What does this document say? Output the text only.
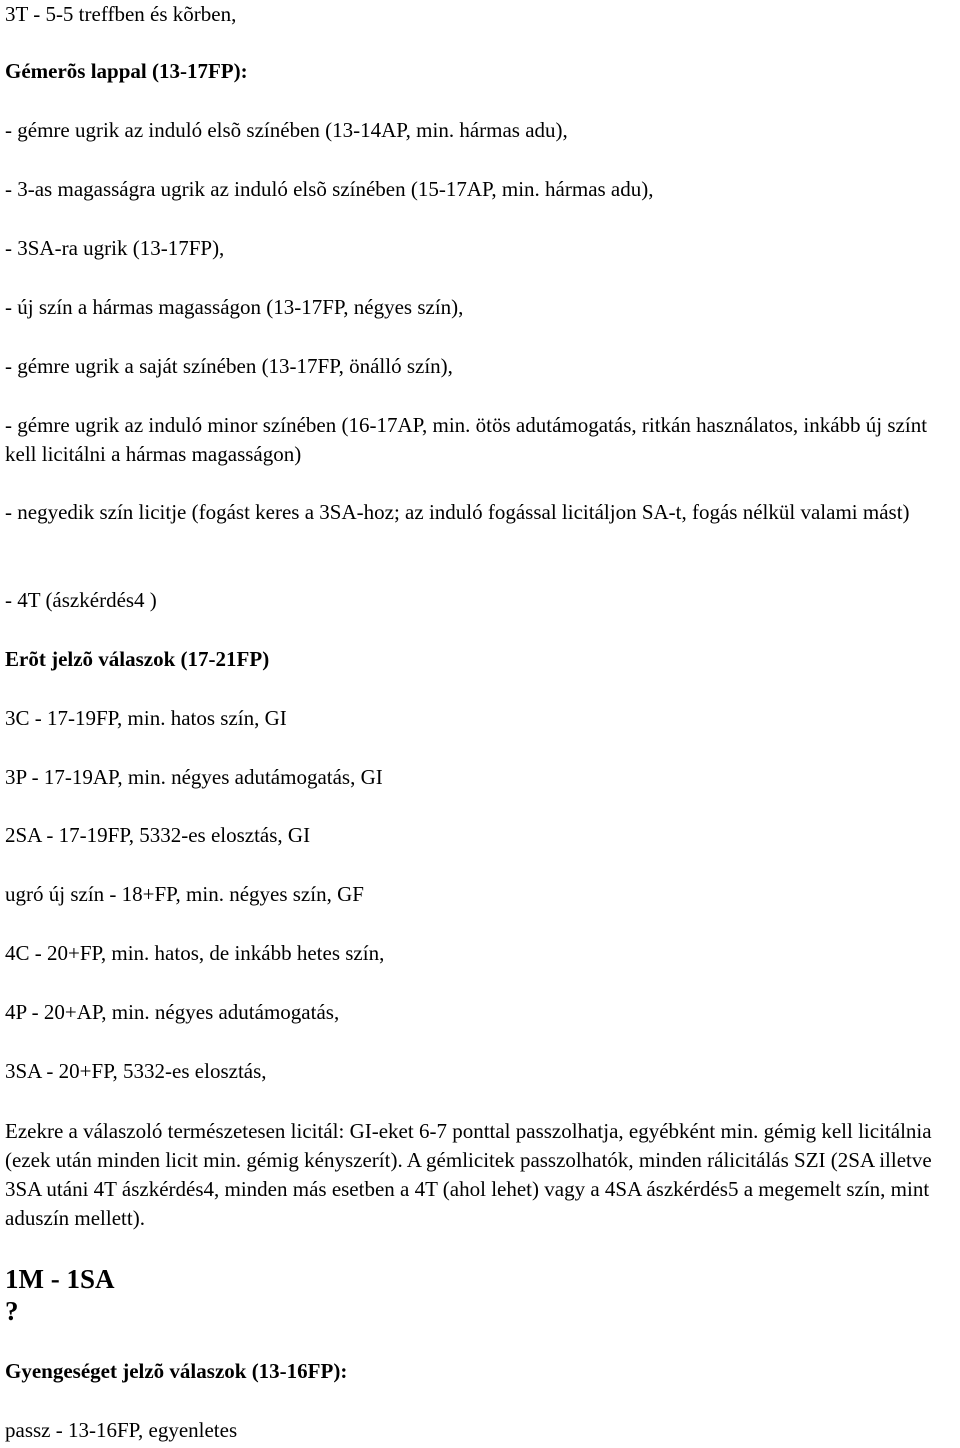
3T - 5-5 treffben és kõrben,
Gémerõs lappal (13-17FP):
- gémre ugrik az induló elsõ színében (13-14AP, min. hármas adu),
- 3-as magasságra ugrik az induló elsõ színében (15-17AP, min. hármas adu),
- 3SA-ra ugrik (13-17FP),
- új szín a hármas magasságon (13-17FP, négyes szín),
- gémre ugrik a saját színében (13-17FP, önálló szín),
- gémre ugrik az induló minor színében (16-17AP, min. ötös adutámogatás, ritkán használatos, inkább új színt kell licitálni a hármas magasságon)
- negyedik szín licitje (fogást keres a 3SA-hoz; az induló fogással licitáljon SA-t, fogás nélkül valami mást)
- 4T (ászkérdés4 )
Erõt jelzõ válaszok (17-21FP)
3C - 17-19FP, min. hatos szín, GI
3P - 17-19AP, min. négyes adutámogatás, GI
2SA - 17-19FP, 5332-es elosztás, GI
ugró új szín - 18+FP, min. négyes szín, GF
4C - 20+FP, min. hatos, de inkább hetes szín,
4P - 20+AP, min. négyes adutámogatás,
3SA - 20+FP, 5332-es elosztás,
Ezekre a válaszoló természetesen licitál: GI-eket 6-7 ponttal passzolhatja, egyébként min. gémig kell licitálnia (ezek után minden licit min. gémig kényszerít). A gémlicitek passzolhatók, minden rálicitálás SZI (2SA illetve 3SA utáni 4T ászkérdés4, minden más esetben a 4T (ahol lehet) vagy a 4SA ászkérdés5 a megemelt szín, mint aduszín mellett).
1M - 1SA
?
Gyengeséget jelzõ válaszok (13-16FP):
passz - 13-16FP, egyenletes
